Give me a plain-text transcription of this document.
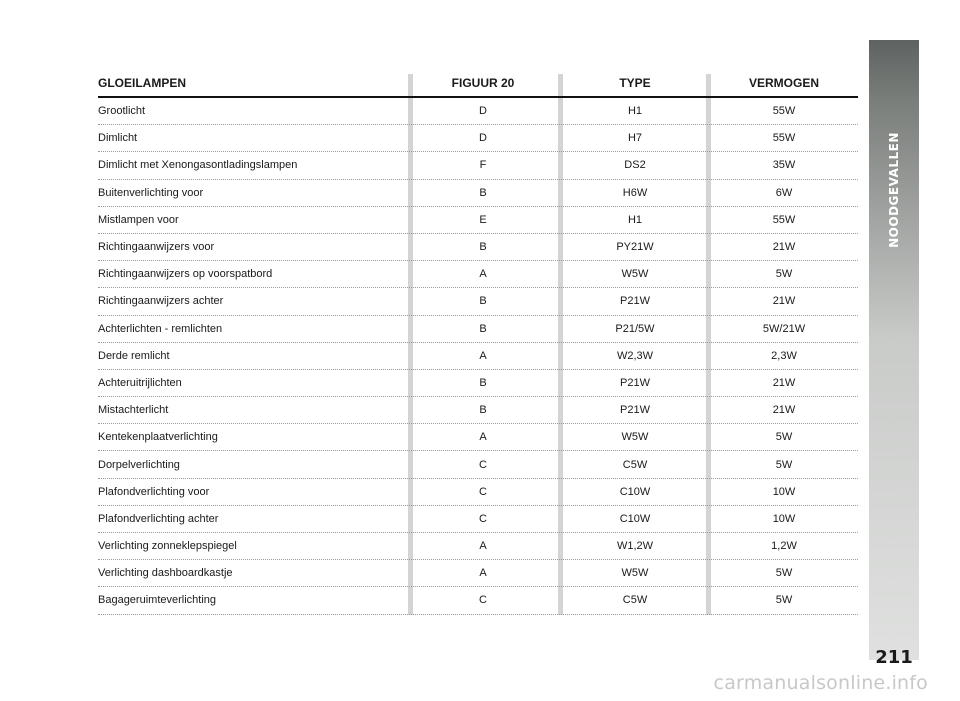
NOODGEVALLEN
211
GLOEILAMPEN	FIGUUR 20	TYPE	VERMOGEN
Grootlicht	D	H1	55W
Dimlicht	D	H7	55W
Dimlicht met Xenongasontladingslampen	F	DS2	35W
Buitenverlichting voor	B	H6W	6W
Mistlampen voor	E	H1	55W
Richtingaanwijzers voor	B	PY21W	21W
Richtingaanwijzers op voorspatbord	A	W5W	5W
Richtingaanwijzers achter	B	P21W	21W
Achterlichten - remlichten	B	P21/5W	5W/21W
Derde remlicht	A	W2,3W	2,3W
Achteruitrijlichten	B	P21W	21W
Mistachterlicht	B	P21W	21W
Kentekenplaatverlichting	A	W5W	5W
Dorpelverlichting	C	C5W	5W
Plafondverlichting voor	C	C10W	10W
Plafondverlichting achter	C	C10W	10W
Verlichting zonneklepspiegel	A	W1,2W	1,2W
Verlichting dashboardkastje	A	W5W	5W
Bagageruimteverlichting	C	C5W	5W
carmanualsonline.info
